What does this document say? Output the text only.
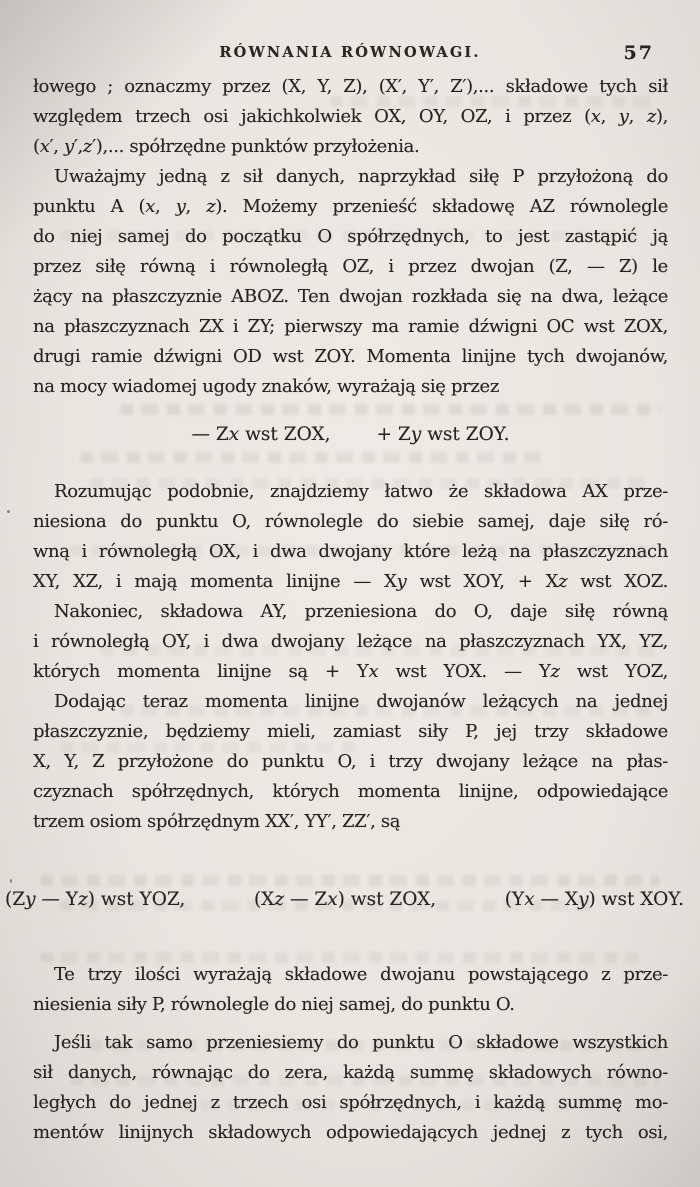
RÓWNANIA RÓWNOWAGI.	57
łowego ; oznaczmy przez (X, Y, Z), (X′, Y′, Z′),... składowe tych sił
względem trzech osi jakichkolwiek OX, OY, OZ, i przez (x, y, z),
(x′, y′,z′),... spółrzędne punktów przyłożenia.
Uważajmy jedną z sił danych, naprzykład siłę P przyłożoną do
punktu A (x, y, z). Możemy przenieść składowę AZ równolegle
do niej samej do początku O spółrzędnych, to jest zastąpić ją
przez siłę równą i równoległą OZ, i przez dwojan (Z, — Z) le
żący na płaszczyznie ABOZ. Ten dwojan rozkłada się na dwa, leżące
na płaszczyznach ZX i ZY; pierwszy ma ramie dźwigni OC wst ZOX,
drugi ramie dźwigni OD wst ZOY. Momenta linijne tych dwojanów,
na mocy wiadomej ugody znaków, wyrażają się przez
— Zx wst ZOX, + Zy wst ZOY.
Rozumując podobnie, znajdziemy łatwo że składowa AX prze-
niesiona do punktu O, równolegle do siebie samej, daje siłę ró-
wną i równoległą OX, i dwa dwojany które leżą na płaszczyznach
XY, XZ, i mają momenta linijne — Xy wst XOY, + Xz wst XOZ.
Nakoniec, składowa AY, przeniesiona do O, daje siłę równą
i równoległą OY, i dwa dwojany leżące na płaszczyznach YX, YZ,
których momenta linijne są + Yx wst YOX. — Yz wst YOZ,
Dodając teraz momenta linijne dwojanów leżących na jednej
płaszczyznie, będziemy mieli, zamiast siły P, jej trzy składowe
X, Y, Z przyłożone do punktu O, i trzy dwojany leżące na płas-
czyznach spółrzędnych, których momenta linijne, odpowiedające
trzem osiom spółrzędnym XX′, YY′, ZZ′, są
(Zy — Yz) wst YOZ,	(Xz — Zx) wst ZOX,	(Yx — Xy) wst XOY.
Te trzy ilości wyrażają składowe dwojanu powstającego z prze-
niesienia siły P, równolegle do niej samej, do punktu O.
Jeśli tak samo przeniesiemy do punktu O składowe wszystkich
sił danych, równając do zera, każdą summę składowych równo-
ległych do jednej z trzech osi spółrzędnych, i każdą summę mo-
mentów linijnych składowych odpowiedających jednej z tych osi,
